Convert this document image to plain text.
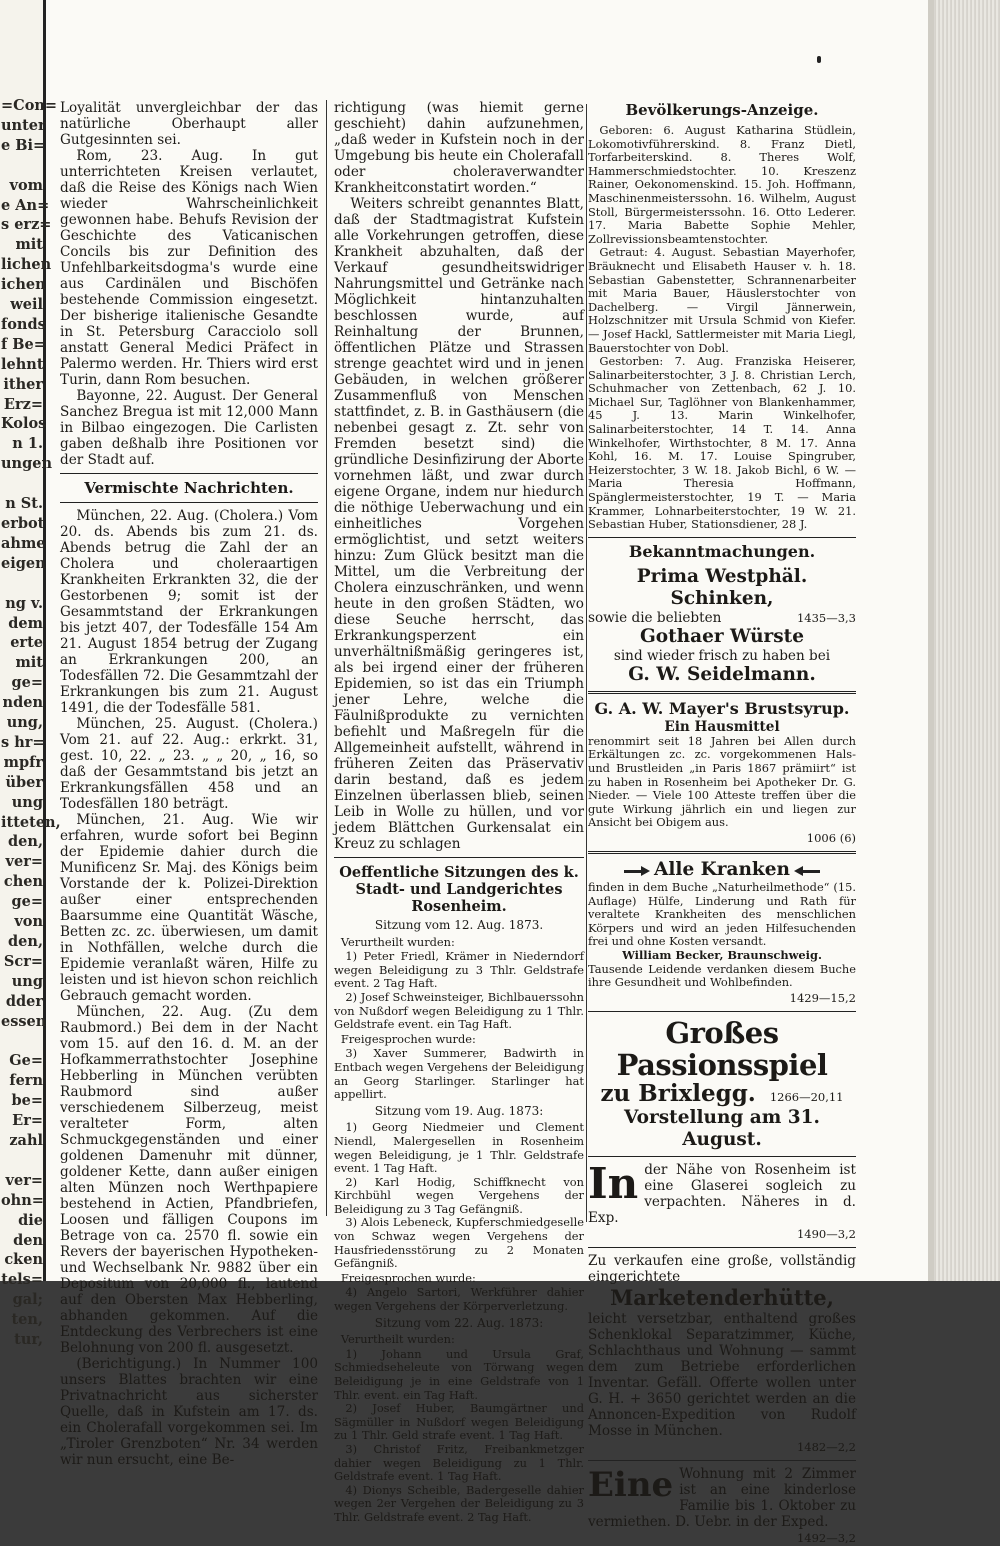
=Con=
unter
e Bi=
vom
e An=
s erz=
mit
lichen
ichen
weil
fonds
f Be=
lehnt
ither
Erz=
Kolos
n 1.
ungen
n St.
erbot
ahme
eigen
ng v.
dem
erte
mit
ge=
nden
ung,
s hr=
mpfr
über
ung
itteten,
den,
ver=
chen
ge=
von
den,
Scr=
ung
dder
essen
Ge=
fern
be=
Er=
zahl
ver=
ohn=
die
den
cken
tels=
gal;
ten,
tur,

Loyalität unvergleichbar der das natürliche Oberhaupt aller Gutgesinnten sei.

Rom, 23. Aug. In gut unterrichteten Kreisen verlautet, daß die Reise des Königs nach Wien wieder Wahrscheinlichkeit gewonnen habe. Behufs Revision der Geschichte des Vaticanischen Concils bis zur Definition des Unfehlbarkeitsdogma's wurde eine aus Cardinälen und Bischöfen bestehende Commission eingesetzt. Der bisherige italienische Gesandte in St. Petersburg Caracciolo soll anstatt General Medici Präfect in Palermo werden. Hr. Thiers wird erst Turin, dann Rom besuchen.

Bayonne, 22. August. Der General Sanchez Bregua ist mit 12,000 Mann in Bilbao eingezogen. Die Carlisten gaben deßhalb ihre Positionen vor der Stadt auf.

Vermischte Nachrichten.

München, 22. Aug. (Cholera.) Vom 20. ds. Abends bis zum 21. ds. Abends betrug die Zahl der an Cholera und choleraartigen Krankheiten Erkrankten 32, die der Gestorbenen 9; somit ist der Gesammtstand der Erkrankungen bis jetzt 407, der Todesfälle 154 Am 21. August 1854 betrug der Zugang an Erkrankungen 200, an Todesfällen 72. Die Gesammtzahl der Erkrankungen bis zum 21. August 1491, die der Todesfälle 581.

München, 25. August. (Cholera.) Vom 21. auf 22. Aug.: erkrkt. 31, gest. 10, 22. „ 23. „ „ 20, „ 16, so daß der Gesammtstand bis jetzt an Erkrankungsfällen 458 und an Todesfällen 180 beträgt.

München, 21. Aug. Wie wir erfahren, wurde sofort bei Beginn der Epidemie dahier durch die Munificenz Sr. Maj. des Königs beim Vorstande der k. Polizei-Direktion außer einer entsprechenden Baarsumme eine Quantität Wäsche, Betten zc. zc. überwiesen, um damit in Nothfällen, welche durch die Epidemie veranlaßt wären, Hilfe zu leisten und ist hievon schon reichlich Gebrauch gemacht worden.

München, 22. Aug. (Zu dem Raubmord.) Bei dem in der Nacht vom 15. auf den 16. d. M. an der Hofkammerrathstochter Josephine Hebberling in München verübten Raubmord sind außer verschiedenem Silberzeug, meist veralteter Form, alten Schmuckgegenständen und einer goldenen Damenuhr mit dünner, goldener Kette, dann außer einigen alten Münzen noch Werthpapiere bestehend in Actien, Pfandbriefen, Loosen und fälligen Coupons im Betrage von ca. 2570 fl. sowie ein Revers der bayerischen Hypotheken- und Wechselbank Nr. 9882 über ein Depositum von 20,000 fl., lautend auf den Obersten Max Hebberling, abhanden gekommen. Auf die Entdeckung des Verbrechers ist eine Belohnung von 200 fl. ausgesetzt.

(Berichtigung.) In Nummer 100 unsers Blattes brachten wir eine Privatnachricht aus sicherster Quelle, daß in Kufstein am 17. ds. ein Cholerafall vorgekommen sei. Im „Tiroler Grenzboten“ Nr. 34 werden wir nun ersucht, eine Be-

richtigung (was hiemit gerne geschieht) dahin aufzunehmen, „daß weder in Kufstein noch in der Umgebung bis heute ein Cholerafall oder choleraverwandter Krankheitconstatirt worden.“

Weiters schreibt genanntes Blatt, daß der Stadtmagistrat Kufstein alle Vorkehrungen getroffen, diese Krankheit abzuhalten, daß der Verkauf gesundheitswidriger Nahrungsmittel und Getränke nach Möglichkeit hintanzuhalten beschlossen wurde, auf Reinhaltung der Brunnen, öffentlichen Plätze und Strassen strenge geachtet wird und in jenen Gebäuden, in welchen größerer Zusammenfluß von Menschen stattfindet, z. B. in Gasthäusern (die nebenbei gesagt z. Zt. sehr von Fremden besetzt sind) die gründliche Desinfizirung der Aborte vornehmen läßt, und zwar durch eigene Organe, indem nur hiedurch die nöthige Ueberwachung und ein einheitliches Vorgehen ermöglichtist, und setzt weiters hinzu: Zum Glück besitzt man die Mittel, um die Verbreitung der Cholera einzuschränken, und wenn heute in den großen Städten, wo diese Seuche herrscht, das Erkrankungsperzent ein unverhältnißmäßig geringeres ist, als bei irgend einer der früheren Epidemien, so ist das ein Triumph jener Lehre, welche die Fäulnißprodukte zu vernichten befiehlt und Maßregeln für die Allgemeinheit aufstellt, während in früheren Zeiten das Präservativ darin bestand, daß es jedem Einzelnen überlassen blieb, seinen Leib in Wolle zu hüllen, und vor jedem Blättchen Gurkensalat ein Kreuz zu schlagen

Oeffentliche Sitzungen des k. Stadt- und Landgerichtes Rosenheim.
Sitzung vom 12. Aug. 1873.
Verurtheilt wurden:

1) Peter Friedl, Krämer in Niederndorf wegen Beleidigung zu 3 Thlr. Geldstrafe event. 2 Tag Haft.

2) Josef Schweinsteiger, Bichlbauerssohn von Nußdorf wegen Beleidigung zu 1 Thlr. Geldstrafe event. ein Tag Haft.

Freigesprochen wurde:

3) Xaver Summerer, Badwirth in Entbach wegen Vergehens der Beleidigung an Georg Starlinger. Starlinger hat appellirt.

Sitzung vom 19. Aug. 1873:

1) Georg Niedmeier und Clement Niendl, Malergesellen in Rosenheim wegen Beleidigung, je 1 Thlr. Geldstrafe event. 1 Tag Haft.

2) Karl Hodig, Schiffknecht von Kirchbühl wegen Vergehens der Beleidigung zu 3 Tag Gefängniß.

3) Alois Lebeneck, Kupferschmiedgeselle von Schwaz wegen Vergehens der Hausfriedensstörung zu 2 Monaten Gefängniß.

Freigesprochen wurde:

4) Angelo Sartori, Werkführer dahier wegen Vergehens der Körperverletzung.

Sitzung vom 22. Aug. 1873:
Verurtheilt wurden:

1) Johann und Ursula Graf, Schmiedseheleute von Törwang wegen Beleidigung je in eine Geldstrafe von 1 Thlr. event. ein Tag Haft.

2) Josef Huber, Baumgärtner und Sägmüller in Nußdorf wegen Beleidigung zu 1 Thlr. Geld strafe event. 1 Tag Haft.

3) Christof Fritz, Freibankmetzger dahier wegen Beleidigung zu 1 Thlr. Geldstrafe event. 1 Tag Haft.

4) Dionys Scheible, Badergeselle dahier wegen 2er Vergehen der Beleidigung zu 3 Thlr. Geldstrafe event. 2 Tag Haft.

Bevölkerungs-Anzeige.

Geboren: 6. August Katharina Stüdlein, Lokomotivführerskind. 8. Franz Dietl, Torfarbeiterskind. 8. Theres Wolf, Hammerschmiedstochter. 10. Kreszenz Rainer, Oekonomenskind. 15. Joh. Hoffmann, Maschinenmeisterssohn. 16. Wilhelm, August Stoll, Bürgermeisterssohn. 16. Otto Lederer. 17. Maria Babette Sophie Mehler, Zollrevissionsbeamtenstochter.

Getraut: 4. August. Sebastian Mayerhofer, Bräuknecht und Elisabeth Hauser v. h. 18. Sebastian Gabenstetter, Schrannenarbeiter mit Maria Bauer, Häuslerstochter von Dachelberg. — Virgil Jännerwein, Holzschnitzer mit Ursula Schmid von Kiefer. — Josef Hackl, Sattlermeister mit Maria Liegl, Bauerstochter von Dobl.

Gestorben: 7. Aug. Franziska Heiserer, Salinarbeiterstochter, 3 J. 8. Christian Lerch, Schuhmacher von Zettenbach, 62 J. 10. Michael Sur, Taglöhner von Blankenhammer, 45 J. 13. Marin Winkelhofer, Salinarbeiterstochter, 14 T. 14. Anna Winkelhofer, Wirthstochter, 8 M. 17. Anna Kohl, 16. M. 17. Louise Spingruber, Heizerstochter, 3 W. 18. Jakob Bichl, 6 W. — Maria Theresia Hoffmann, Spänglermeisterstochter, 19 T. — Maria Krammer, Lohnarbeiterstochter, 19 W. 21. Sebastian Huber, Stationsdiener, 28 J.

Bekanntmachungen.
Prima Westphäl. Schinken,
sowie die beliebten	1435—3,3
Gothaer Würste
sind wieder frisch zu haben bei
G. W. Seidelmann.
G. A. W. Mayer's Brustsyrup.
Ein Hausmittel
renommirt seit 18 Jahren bei Allen durch Erkältungen zc. zc. vorgekommenen Hals- und Brustleiden „in Paris 1867 prämiirt“ ist zu haben in Rosenheim bei Apotheker Dr. G. Nieder. — Viele 100 Atteste treffen über die gute Wirkung jährlich ein und liegen zur Ansicht bei Obigem aus.
1006 (6)
Alle Kranken
finden in dem Buche „Naturheilmethode“ (15. Auflage) Hülfe, Linderung und Rath für veraltete Krankheiten des menschlichen Körpers und wird an jeden Hilfesuchenden frei und ohne Kosten versandt.
William Becker, Braunschweig.
Tausende Leidende verdanken diesem Buche ihre Gesundheit und Wohlbefinden.
1429—15,2
Großes Passionsspiel
zu Brixlegg. 1266—20,11
Vorstellung am 31. August.
In der Nähe von Rosenheim ist eine Glaserei sogleich zu verpachten. Näheres in d. Exp.
1490—3,2
Zu verkaufen eine große, vollständig eingerichtete
Marketenderhütte,
leicht versetzbar, enthaltend großes Schenklokal Separatzimmer, Küche, Schlachthaus und Wohnung — sammt dem zum Betriebe erforderlichen Inventar. Gefäll. Offerte wollen unter G. H. + 3650 gerichtet werden an die Annoncen-Expedition von Rudolf Mosse in München.
1482—2,2
Eine Wohnung mit 2 Zimmer ist an eine kinderlose Familie bis 1. Oktober zu vermiethen. D. Uebr. in der Exped.
1492—3,2
